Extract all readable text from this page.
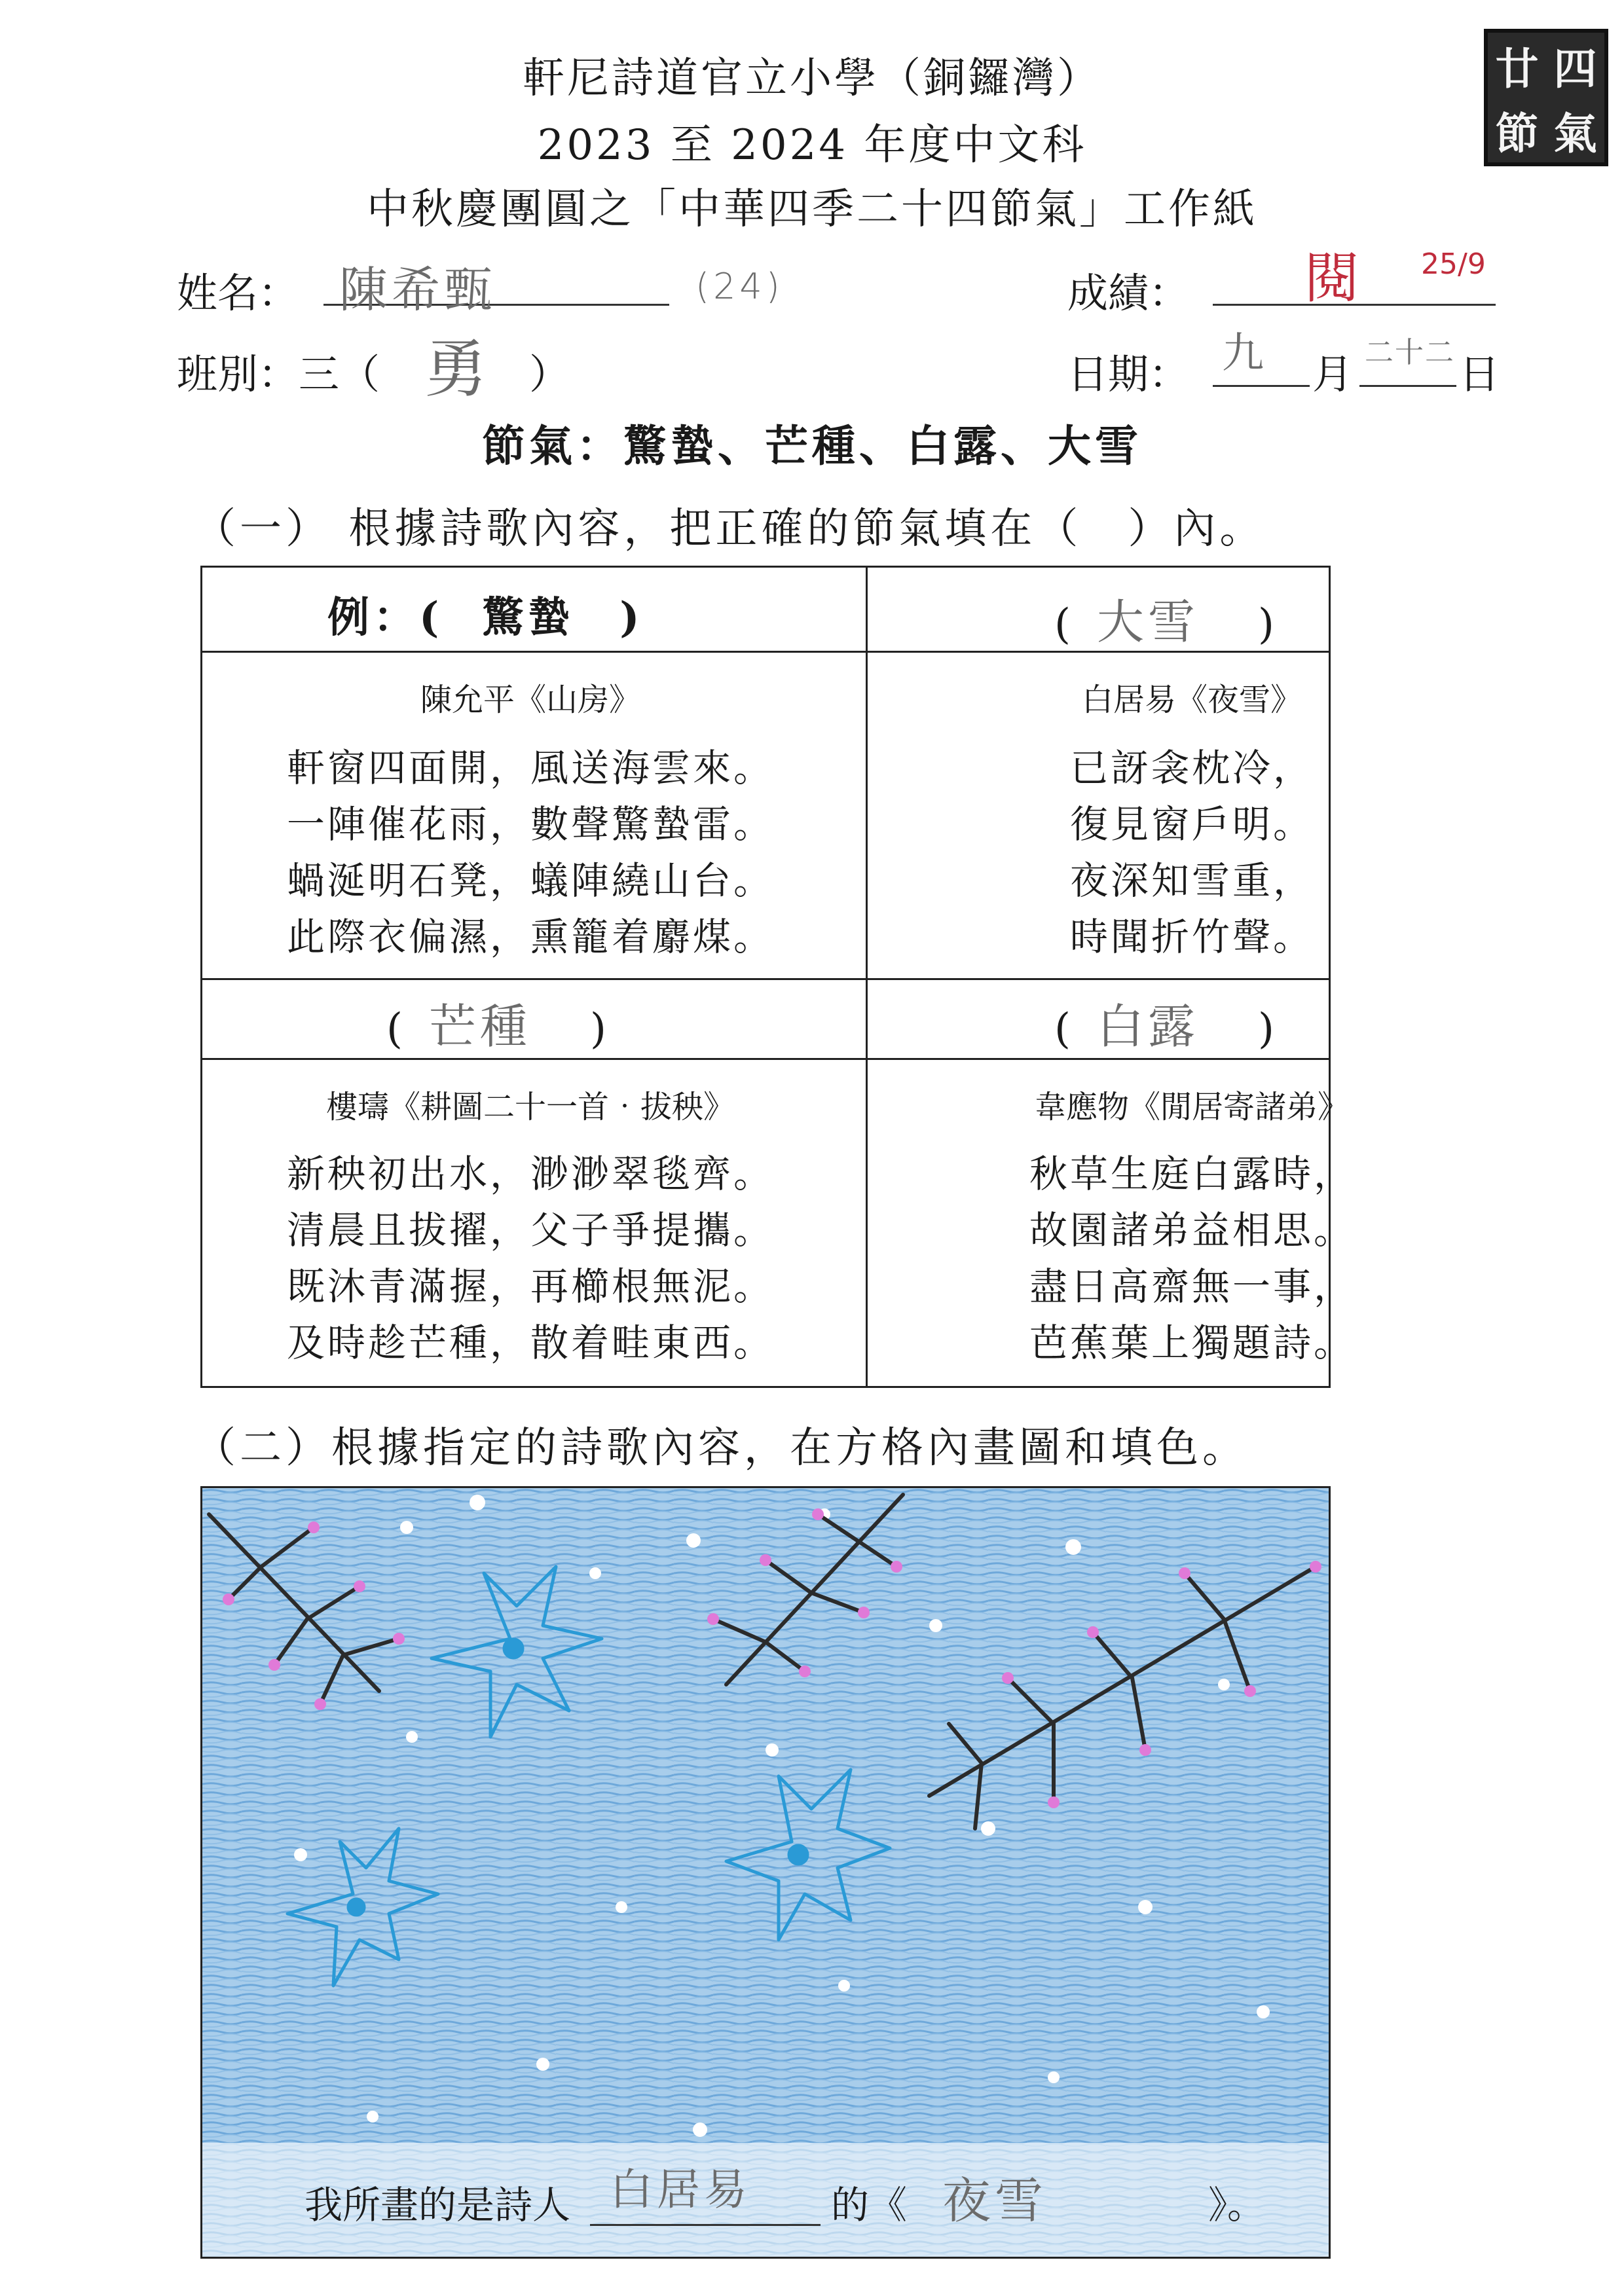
軒尼詩道官立小學（銅鑼灣）
2023 至 2024 年度中文科
中秋慶團圓之「中華四季二十四節氣」工作紙
廿 四
節 氣
姓名： 陳希甄	(24)	成績： 閱 25/9
班別：三（ 勇 ）	日期： 九 月 二十二 日
節氣：驚蟄、芒種、白露、大雪
（一） 根據詩歌內容，把正確的節氣填在（　）內。
例：( 驚蟄 )
陳允平《山房》
軒窗四面開，風送海雲來。
一陣催花雨，數聲驚蟄雷。
蝸涎明石凳，蟻陣繞山台。
此際衣偏濕，熏籠着麝煤。
( 大雪 )
白居易《夜雪》
已訝衾枕冷，
復見窗戶明。
夜深知雪重，
時聞折竹聲。
( 芒種 )
樓璹《耕圖二十一首‧拔秧》
新秧初出水，渺渺翠毯齊。
清晨且拔擢，父子爭提攜。
既沐青滿握，再櫛根無泥。
及時趁芒種，散着畦東西。
( 白露 )
韋應物《閒居寄諸弟》
秋草生庭白露時，
故園諸弟益相思。
盡日高齋無一事，
芭蕉葉上獨題詩。
（二）根據指定的詩歌內容，在方格內畫圖和填色。
我所畫的是詩人 白居易 的《 夜雪	》。
